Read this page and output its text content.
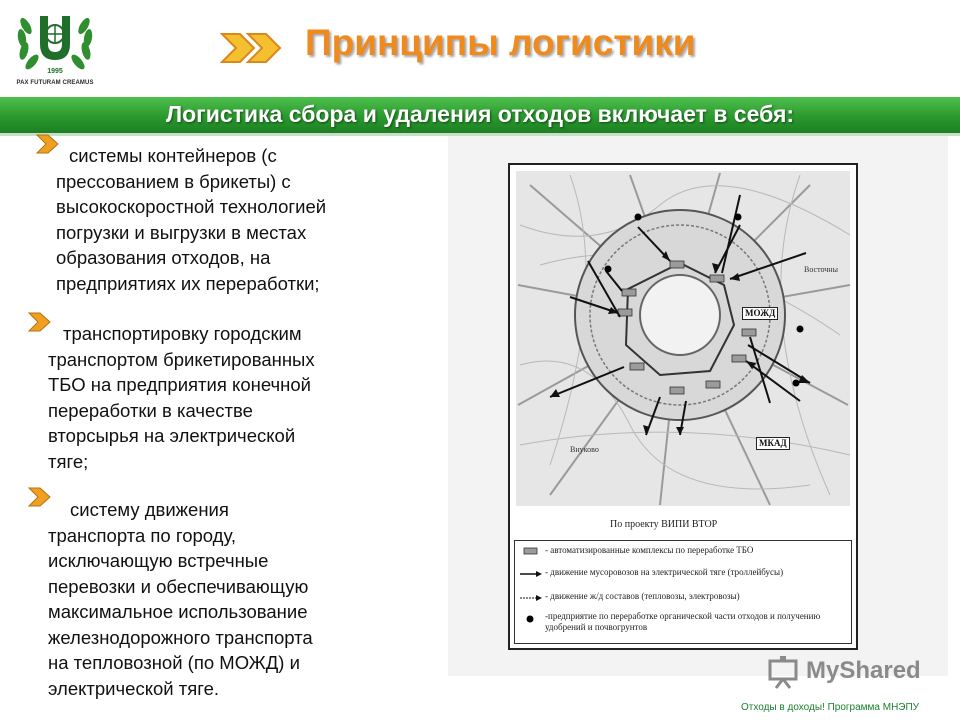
1995
PAX FUTURAM CREAMUS
Принципы логистики
Логистика сбора и удаления отходов включает в себя:
системы контейнеров (с
прессованием в брикеты) с
высокоскоростной технологией
погрузки и выгрузки в местах
образования отходов, на
предприятиях их переработки;
транспортировку городским
транспортом брикетированных
ТБО на предприятия конечной
переработки в качестве
вторсырья на электрической
тяге;
систему движения
транспорта по городу,
исключающую встречные
перевозки и обеспечивающую
максимальное использование
железнодорожного транспорта
на тепловозной (по МОЖД) и
электрической тяге.
МОЖД
МКАД
Восточны
Внуково
По проекту ВИПИ ВТОР
- автоматизированные комплексы по переработке ТБО
- движение мусоровозов на электрической тяге (троллейбусы)
- движение ж/д составов (тепловозы, электровозы)
-предприятие по переработке органической части отходов и получению удобрений и почвогрунтов
MyShared
Отходы в доходы! Программа МНЭПУ
